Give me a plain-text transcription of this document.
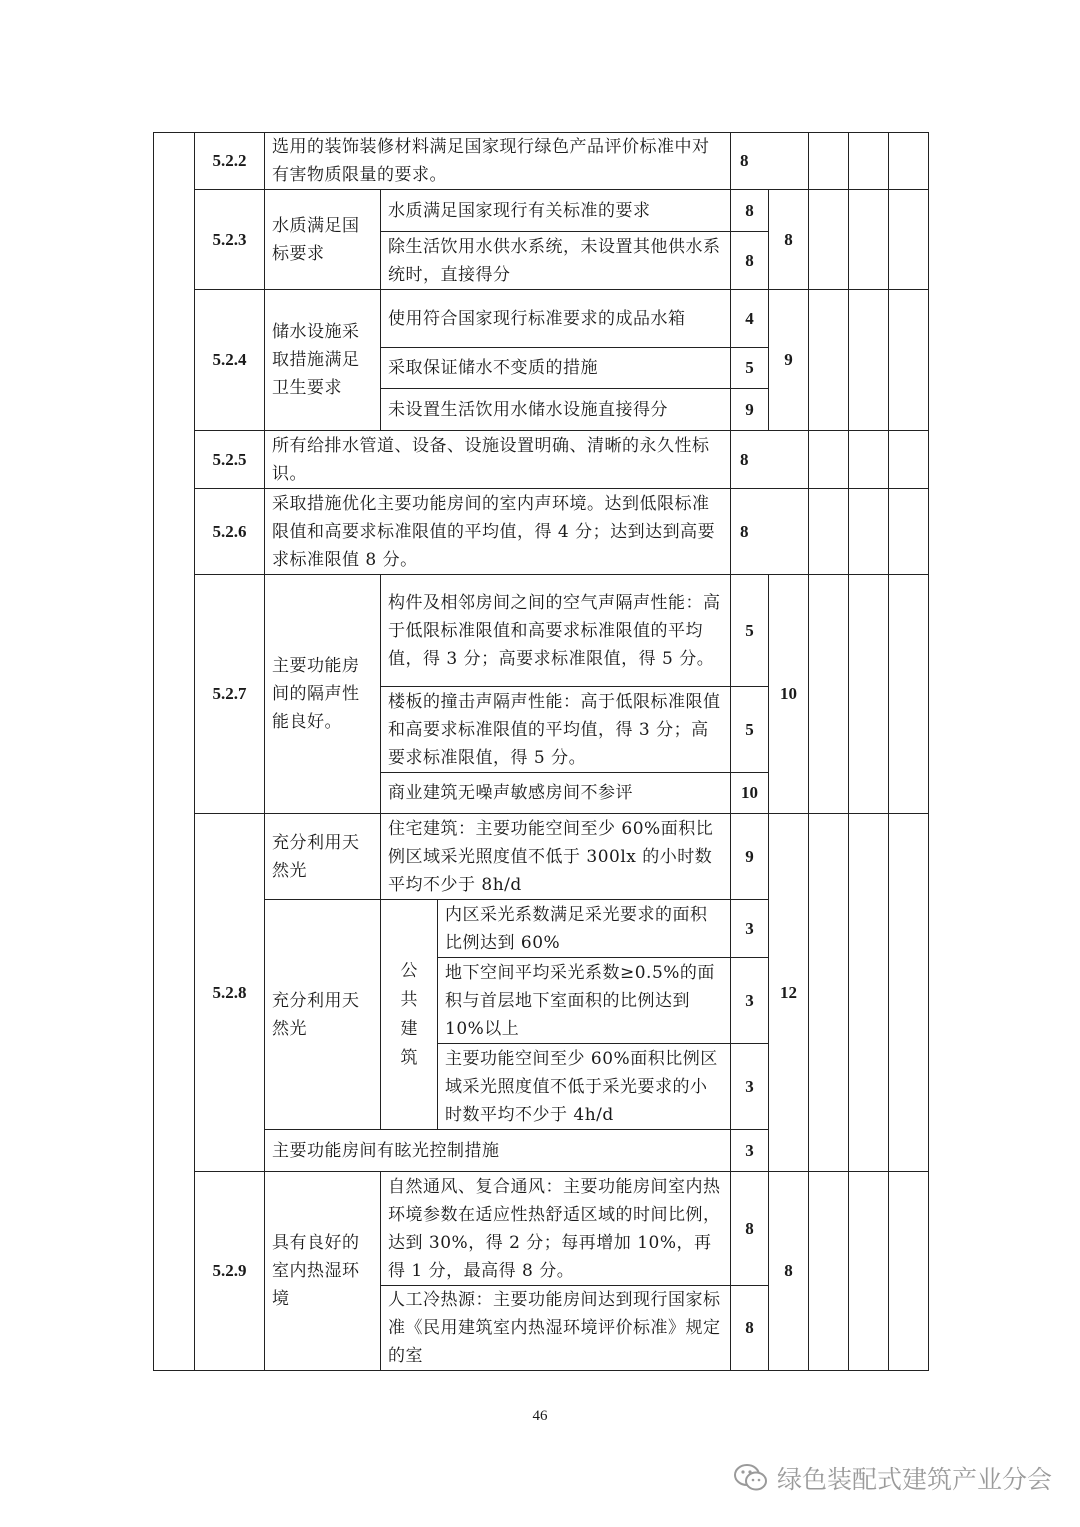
	5.2.2	选用的装饰装修材料满足国家现行绿色产品评价标准中对有害物质限量的要求。			8				
	5.2.3	水质满足国标要求	水质满足国家现行有关标准的要求		8	8			
			除生活饮用水供水系统，未设置其他供水系统时，直接得分		8				
	5.2.4	储水设施采取措施满足卫生要求	使用符合国家现行标准要求的成品水箱		4	9			
			采取保证储水不变质的措施		5				
			未设置生活饮用水储水设施直接得分		9				
	5.2.5	所有给排水管道、设备、设施设置明确、清晰的永久性标识。			8				
	5.2.6	采取措施优化主要功能房间的室内声环境。达到低限标准限值和高要求标准限值的平均值，得 4 分；达到达到高要求标准限值 8 分。			8				
	5.2.7	主要功能房间的隔声性能良好。	构件及相邻房间之间的空气声隔声性能：高于低限标准限值和高要求标准限值的平均值，得 3 分；高要求标准限值，得 5 分。		5	10			
			楼板的撞击声隔声性能：高于低限标准限值和高要求标准限值的平均值，得 3 分；高要求标准限值，得 5 分。		5				
			商业建筑无噪声敏感房间不参评		10				
	5.2.8	充分利用天然光	住宅建筑：主要功能空间至少 60%面积比例区域采光照度值不低于 300lx 的小时数平均不少于 8h/d		9	12			
		充分利用天然光	公共建筑	内区采光系数满足采光要求的面积比例达到 60%	3				
				地下空间平均采光系数≥0.5%的面积与首层地下室面积的比例达到 10%以上	3				
				主要功能空间至少 60%面积比例区域采光照度值不低于采光要求的小时数平均不少于 4h/d	3				
		主要功能房间有眩光控制措施			3				
	5.2.9	具有良好的室内热湿环境	自然通风、复合通风：主要功能房间室内热环境参数在适应性热舒适区域的时间比例，达到 30%，得 2 分；每再增加 10%，再得 1 分，最高得 8 分。		8	8			
			人工冷热源：主要功能房间达到现行国家标准《民用建筑室内热湿环境评价标准》规定的室		8				
46
绿色装配式建筑产业分会
